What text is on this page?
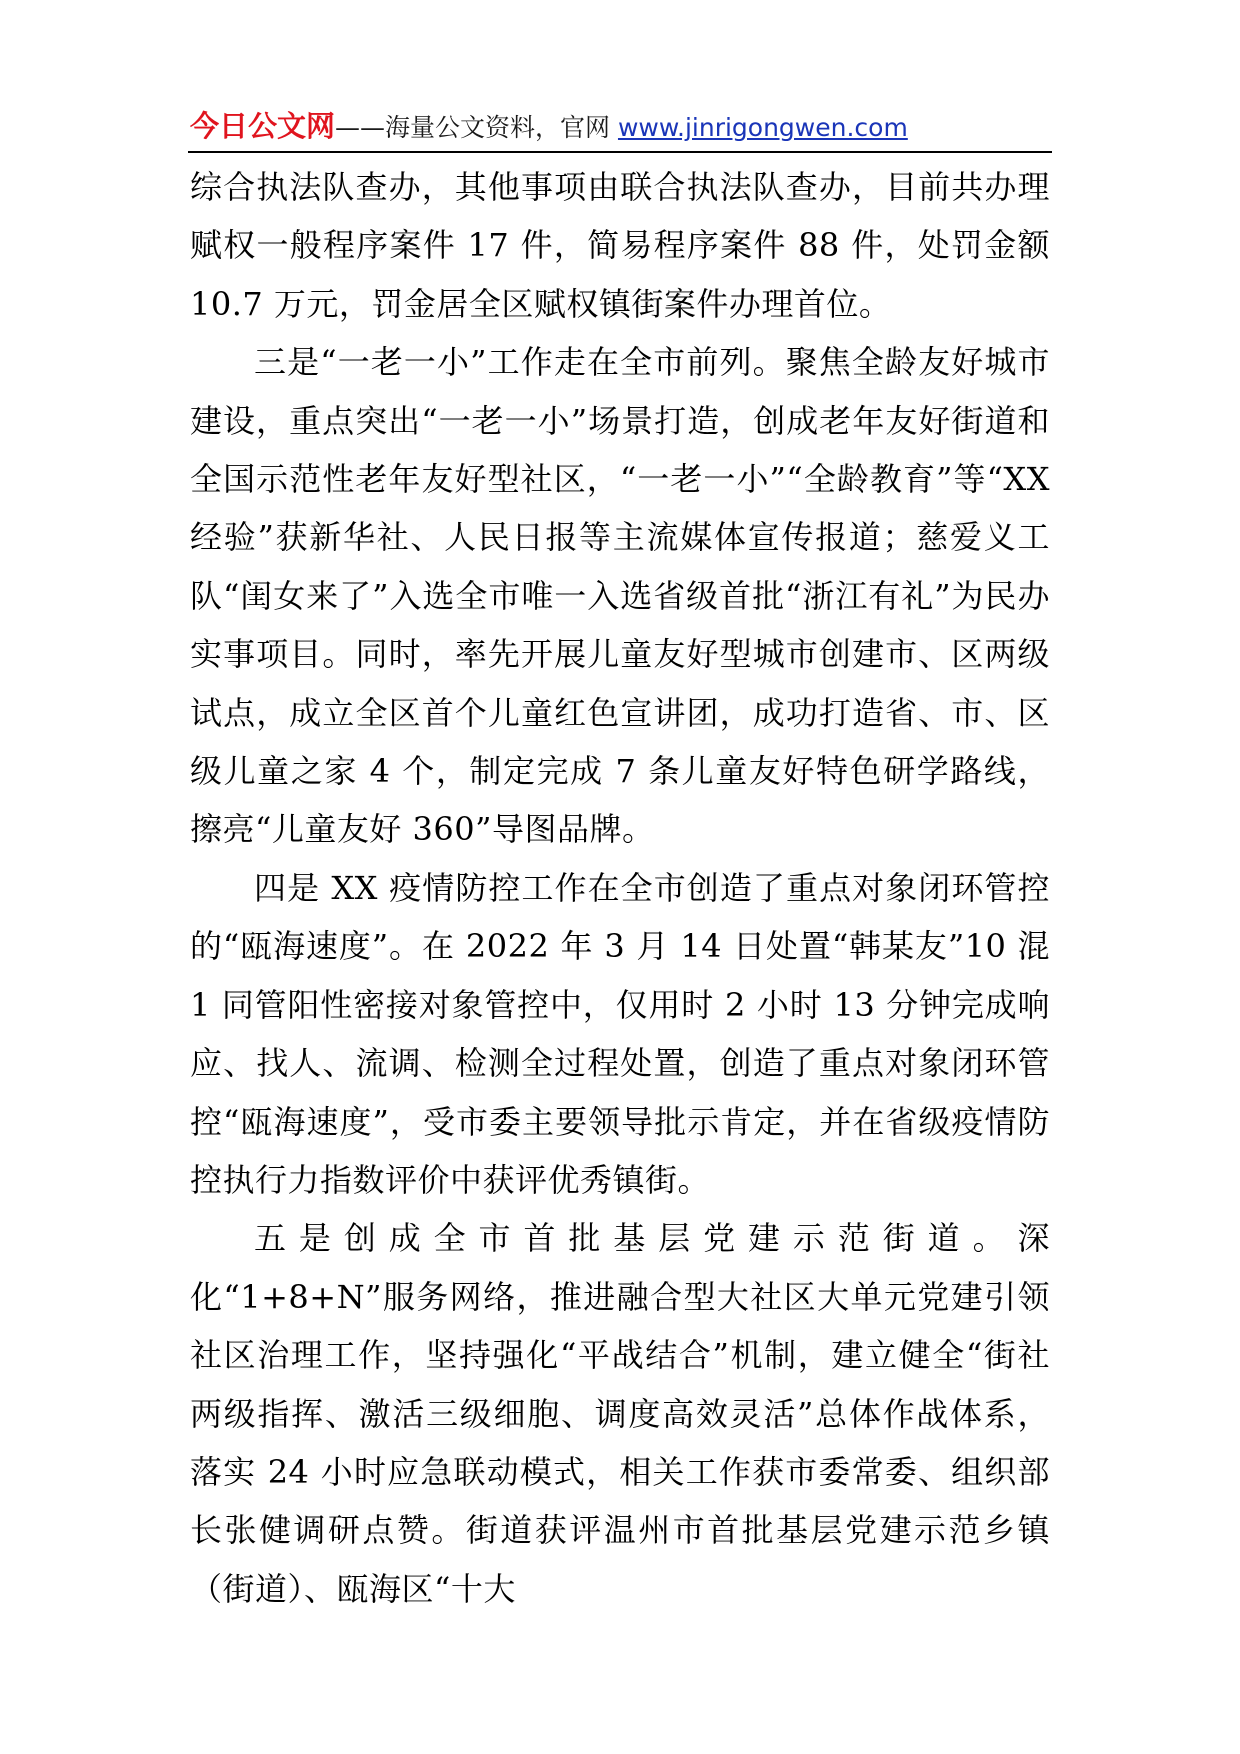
今日公文网——海量公文资料，官网 www.jinrigongwen.com

综合执法队查办，其他事项由联合执法队查办，目前共办理赋权一般程序案件 17 件，简易程序案件 88 件，处罚金额 10.7 万元，罚金居全区赋权镇街案件办理首位。

三是“一老一小”工作走在全市前列。聚焦全龄友好城市建设，重点突出“一老一小”场景打造，创成老年友好街道和全国示范性老年友好型社区，“一老一小”“全龄教育”等“XX经验”获新华社、人民日报等主流媒体宣传报道；慈爱义工队“闺女来了”入选全市唯一入选省级首批“浙江有礼”为民办实事项目。同时，率先开展儿童友好型城市创建市、区两级试点，成立全区首个儿童红色宣讲团，成功打造省、市、区级儿童之家 4 个，制定完成 7 条儿童友好特色研学路线，擦亮“儿童友好 360”导图品牌。

四是 XX 疫情防控工作在全市创造了重点对象闭环管控的“瓯海速度”。在 2022 年 3 月 14 日处置“韩某友”10 混 1 同管阳性密接对象管控中，仅用时 2 小时 13 分钟完成响应、找人、流调、检测全过程处置，创造了重点对象闭环管控“瓯海速度”，受市委主要领导批示肯定，并在省级疫情防控执行力指数评价中获评优秀镇街。

五是创成全市首批基层党建示范街道。深化“1+8+N”服务网络，推进融合型大社区大单元党建引领社区治理工作，坚持强化“平战结合”机制，建立健全“街社两级指挥、激活三级细胞、调度高效灵活”总体作战体系，落实 24 小时应急联动模式，相关工作获市委常委、组织部长张健调研点赞。街道获评温州市首批基层党建示范乡镇（街道）、瓯海区“十大
